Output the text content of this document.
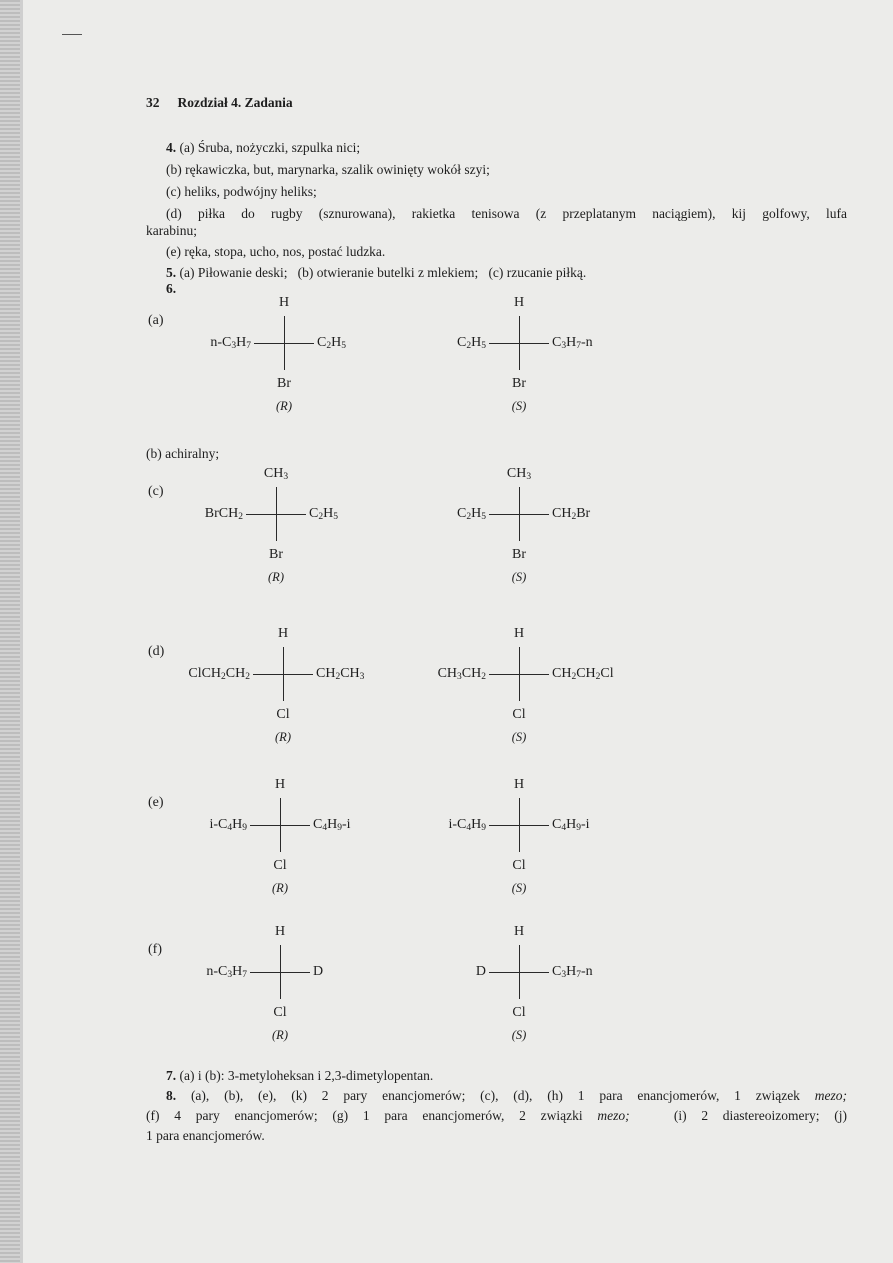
32 Rozdział 4. Zadania
4. (a) Śruba, nożyczki, szpulka nici;
(b) rękawiczka, but, marynarka, szalik owinięty wokół szyi;
(c) heliks, podwójny heliks;
(d) piłka do rugby (sznurowana), rakietka tenisowa (z przeplatanym naciągiem), kij golfowy, lufa
karabinu;
(e) ręka, stopa, ucho, nos, postać ludzka.
5. (a) Piłowanie deski; (b) otwieranie butelki z mlekiem; (c) rzucanie piłką.
6.
(b) achiralny;
(a)
H
Br
$n-C_3H_7$	$C_2H_5$
(R)
H
Br
$C_2H_5$	$C_3H_7-n$
(S)
(c)
$CH_3$
Br
BrCH$_2$	$C_2H_5$
(R)
$CH_3$
Br
$C_2H_5$	$CH_2Br$
(S)
(d)
H
Cl
$ClCH_2CH_2$	$CH_2CH_3$
(R)
H
Cl
$CH_3CH_2$	$CH_2CH_2Cl$
(S)
(e)
H
Cl
$i-C_4H_9$	$C_4H_9-i$
(R)
H
Cl
$i-C_4H_9$	$C_4H_9-i$
(S)
(f)
H
Cl
$n-C_3H_7$	D
(R)
H
Cl
D	$C_3H_7-n$
(S)
7. (a) i (b): 3-metyloheksan i 2,3-dimetylopentan.
8. (a), (b), (e), (k) 2 pary enancjomerów; (c), (d), (h) 1 para enancjomerów, 1 związek mezo;
(f) 4 pary enancjomerów; (g) 1 para enancjomerów, 2 związki mezo;	(i) 2 diastereoizomery; (j)
1 para enancjomerów.
